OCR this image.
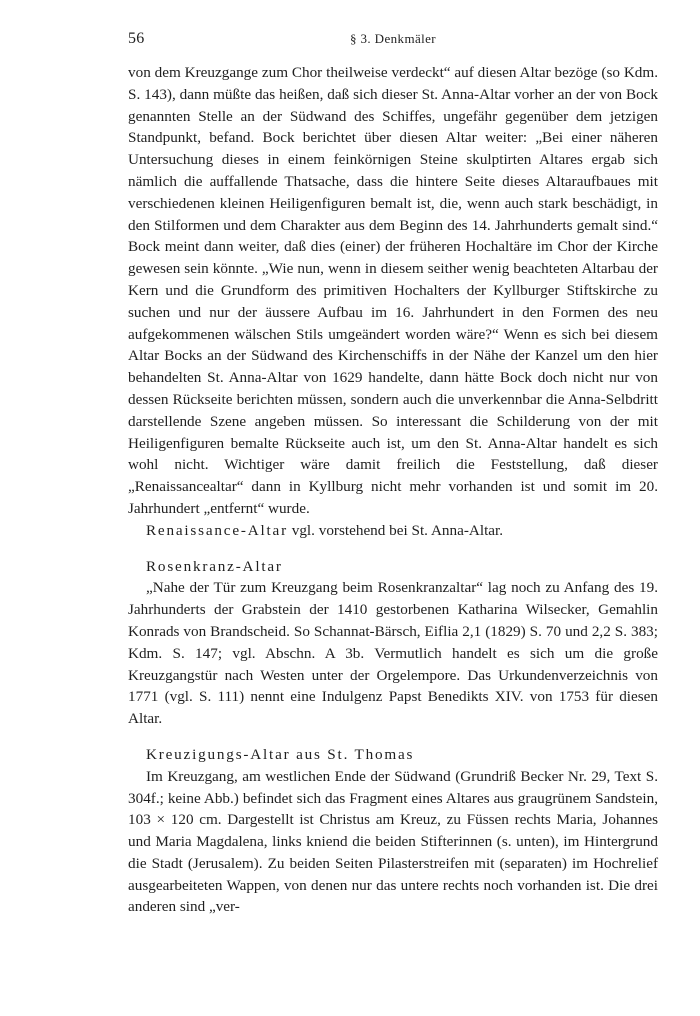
56	§ 3. Denkmäler

von dem Kreuzgange zum Chor theilweise verdeckt“ auf diesen Altar bezöge (so Kdm. S. 143), dann müßte das heißen, daß sich dieser St. Anna-Altar vorher an der von Bock genannten Stelle an der Südwand des Schiffes, ungefähr gegenüber dem jetzigen Standpunkt, befand. Bock berichtet über diesen Altar weiter: „Bei einer näheren Untersuchung dieses in einem feinkörnigen Steine skulptirten Altares ergab sich nämlich die auffallende Thatsache, dass die hintere Seite dieses Altaraufbaues mit verschiedenen kleinen Heiligenfiguren bemalt ist, die, wenn auch stark beschädigt, in den Stilformen und dem Charakter aus dem Beginn des 14. Jahrhunderts gemalt sind.“ Bock meint dann weiter, daß dies (einer) der früheren Hochaltäre im Chor der Kirche gewesen sein könnte. „Wie nun, wenn in diesem seither wenig beachteten Altarbau der Kern und die Grundform des primitiven Hochalters der Kyllburger Stiftskirche zu suchen und nur der äussere Aufbau im 16. Jahrhundert in den Formen des neu aufgekommenen wälschen Stils umgeändert worden wäre?“ Wenn es sich bei diesem Altar Bocks an der Südwand des Kirchenschiffs in der Nähe der Kanzel um den hier behandelten St. Anna-Altar von 1629 handelte, dann hätte Bock doch nicht nur von dessen Rückseite berichten müssen, sondern auch die unverkennbar die Anna-Selbdritt darstellende Szene angeben müssen. So interessant die Schilderung von der mit Heiligenfiguren bemalte Rückseite auch ist, um den St. Anna-Altar handelt es sich wohl nicht. Wichtiger wäre damit freilich die Feststellung, daß dieser „Renaissancealtar“ dann in Kyllburg nicht mehr vorhanden ist und somit im 20. Jahrhundert „entfernt“ wurde.

Renaissance-Altar vgl. vorstehend bei St. Anna-Altar.

Rosenkranz-Altar

„Nahe der Tür zum Kreuzgang beim Rosenkranzaltar“ lag noch zu Anfang des 19. Jahrhunderts der Grabstein der 1410 gestorbenen Katharina Wilsecker, Gemahlin Konrads von Brandscheid. So Schannat-Bärsch, Eiflia 2,1 (1829) S. 70 und 2,2 S. 383; Kdm. S. 147; vgl. Abschn. A 3b. Vermutlich handelt es sich um die große Kreuzgangstür nach Westen unter der Orgelempore. Das Urkundenverzeichnis von 1771 (vgl. S. 111) nennt eine Indulgenz Papst Benedikts XIV. von 1753 für diesen Altar.

Kreuzigungs-Altar aus St. Thomas

Im Kreuzgang, am westlichen Ende der Südwand (Grundriß Becker Nr. 29, Text S. 304f.; keine Abb.) befindet sich das Fragment eines Altares aus graugrünem Sandstein, 103 × 120 cm. Dargestellt ist Christus am Kreuz, zu Füssen rechts Maria, Johannes und Maria Magdalena, links kniend die beiden Stifterinnen (s. unten), im Hintergrund die Stadt (Jerusalem). Zu beiden Seiten Pilasterstreifen mit (separaten) im Hochrelief ausgearbeiteten Wappen, von denen nur das untere rechts noch vorhanden ist. Die drei anderen sind „ver-
